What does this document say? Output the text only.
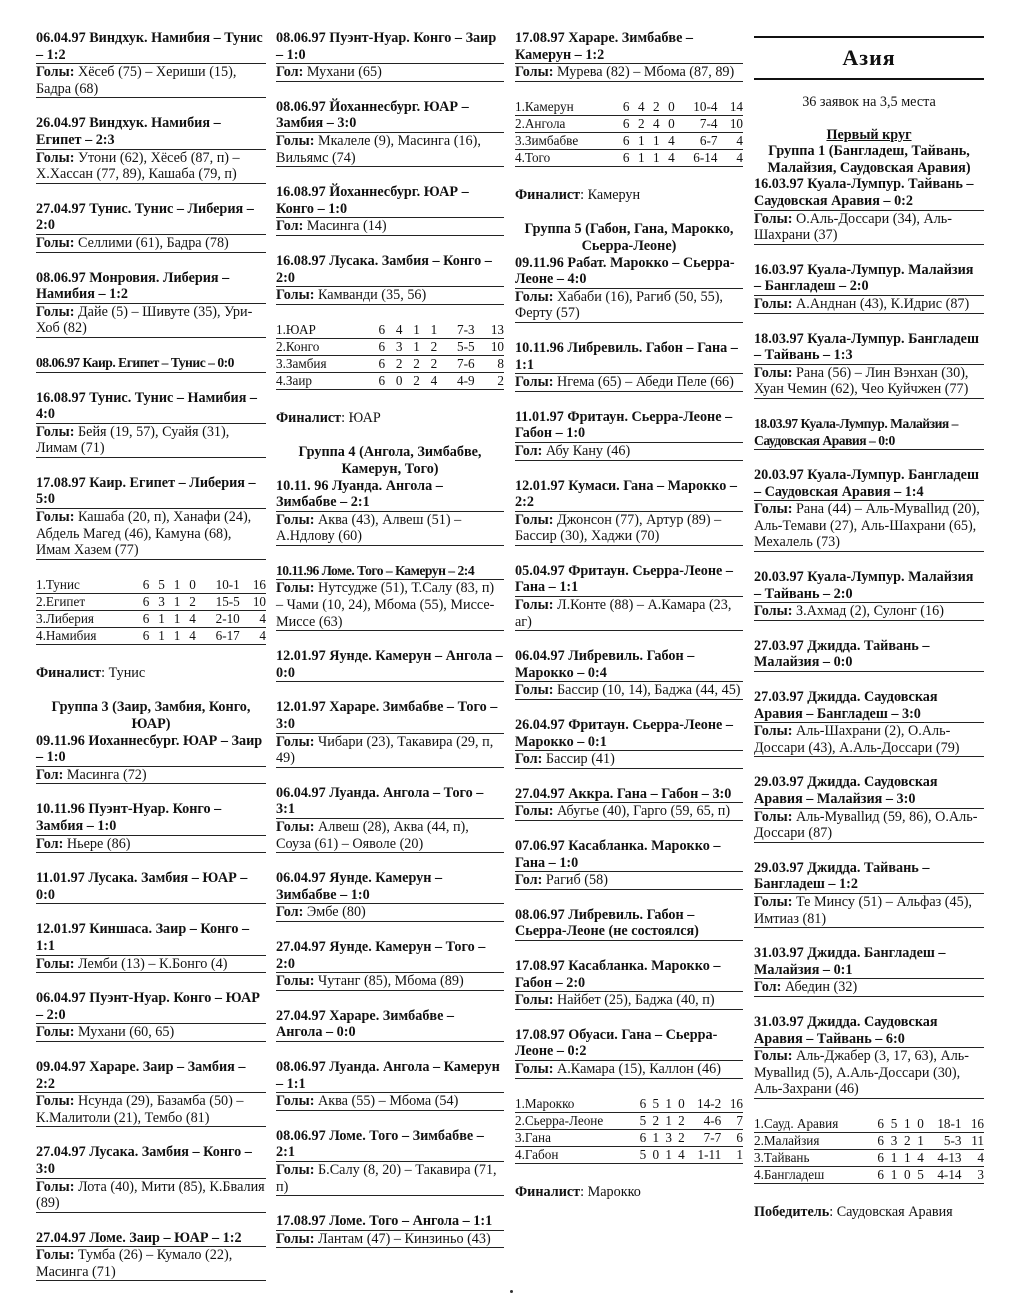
06.04.97 Виндхук. Намибия – Тунис – 1:2
Голы: Хёсеб (75) – Хериши (15), Бадра (68)
26.04.97 Виндхук. Намибия – Египет – 2:3
Голы: Утони (62), Хёсеб (87, п) – Х.Хассан (77, 89), Кашаба (79, п)
27.04.97 Тунис. Тунис – Либерия – 2:0
Голы: Селлими (61), Бадра (78)
08.06.97 Монровия. Либерия – Намибия – 1:2
Голы: Дайе (5) – Шивуте (35), Ури-Хоб (82)
08.06.97 Каир. Египет – Тунис – 0:0
16.08.97 Тунис. Тунис – Намибия – 4:0
Голы: Бейя (19, 57), Суайя (31), Лимам (71)
17.08.97 Каир. Египет – Либерия – 5:0
Голы: Кашаба (20, п), Ханафи (24), Абдель Магед (46), Камуна (68), Имам Хазем (77)
1.Тунис	6	5	1	0	10-1	16
2.Египет	6	3	1	2	15-5	10
3.Либерия	6	1	1	4	2-10	4
4.Намибия	6	1	1	4	6-17	4
Финалист: Тунис
Группа 3 (Заир, Замбия, Конго, ЮАР)
09.11.96 Иоханнесбург. ЮАР – Заир – 1:0
Гол: Масинга (72)
10.11.96 Пуэнт-Нуар. Конго – Замбия – 1:0
Гол: Ньере (86)
11.01.97 Лусака. Замбия – ЮАР – 0:0
12.01.97 Киншаса. Заир – Конго – 1:1
Голы: Лемби (13) – К.Бонго (4)
06.04.97 Пуэнт-Нуар. Конго – ЮАР – 2:0
Голы: Мухани (60, 65)
09.04.97 Хараре. Заир – Замбия – 2:2
Голы: Нсунда (29), Базамба (50) – К.Малитоли (21), Тембо (81)
27.04.97 Лусака. Замбия – Конго – 3:0
Голы: Лота (40), Мити (85), К.Бвалия (89)
27.04.97 Ломе. Заир – ЮАР – 1:2
Голы: Тумба (26) – Кумало (22), Масинга (71)
08.06.97 Пуэнт-Нуар. Конго – Заир – 1:0
Гол: Мухани (65)
08.06.97 Йоханнесбург. ЮАР – Замбия – 3:0
Голы: Мкалеле (9), Масинга (16), Вильямс (74)
16.08.97 Йоханнесбург. ЮАР – Конго – 1:0
Гол: Масинга (14)
16.08.97 Лусака. Замбия – Конго – 2:0
Голы: Камванди (35, 56)
1.ЮАР	6	4	1	1	7-3	13
2.Конго	6	3	1	2	5-5	10
3.Замбия	6	2	2	2	7-6	8
4.Заир	6	0	2	4	4-9	2
Финалист: ЮАР
Группа 4 (Ангола, Зимбабве, Камерун, Того)
10.11. 96 Луанда. Ангола – Зимбабве – 2:1
Голы: Аква (43), Алвеш (51) – А.Ндлову (60)
10.11.96 Ломе. Того – Камерун – 2:4
Голы: Нутсудже (51), Т.Салу (83, п) – Чами (10, 24), Мбома (55), Миссе-Миссе (63)
12.01.97 Яунде. Камерун – Ангола – 0:0
12.01.97 Хараре. Зимбабве – Того – 3:0
Голы: Чибари (23), Такавира (29, п, 49)
06.04.97 Луанда. Ангола – Того – 3:1
Голы: Алвеш (28), Аква (44, п), Соуза (61) – Ояволе (20)
06.04.97 Яунде. Камерун – Зимбабве – 1:0
Гол: Эмбе (80)
27.04.97 Яунде. Камерун – Того – 2:0
Голы: Чутанг (85), Мбома (89)
27.04.97 Хараре. Зимбабве – Ангола – 0:0
08.06.97 Луанда. Ангола – Камерун – 1:1
Голы: Аква (55) – Мбома (54)
08.06.97 Ломе. Того – Зимбабве – 2:1
Голы: Б.Салу (8, 20) – Такавира (71, п)
17.08.97 Ломе. Того – Ангола – 1:1
Голы: Лантам (47) – Кинзиньо (43)
17.08.97 Хараре. Зимбабве – Камерун – 1:2
Голы: Мурева (82) – Мбома (87, 89)
1.Камерун	6	4	2	0	10-4	14
2.Ангола	6	2	4	0	7-4	10
3.Зимбабве	6	1	1	4	6-7	4
4.Того	6	1	1	4	6-14	4
Финалист: Камерун
Группа 5 (Габон, Гана, Марокко, Сьерра-Леоне)
09.11.96 Рабат. Марокко – Сьерра-Леоне – 4:0
Голы: Хабаби (16), Рагиб (50, 55), Ферту (57)
10.11.96 Либревиль. Габон – Гана – 1:1
Голы: Нгема (65) – Абеди Пеле (66)
11.01.97 Фритаун. Сьерра-Леоне – Габон – 1:0
Гол: Абу Кану (46)
12.01.97 Кумаси. Гана – Марокко – 2:2
Голы: Джонсон (77), Артур (89) – Бассир (30), Хаджи (70)
05.04.97 Фритаун. Сьерра-Леоне – Гана – 1:1
Голы: Л.Конте (88) – А.Камара (23, аг)
06.04.97 Либревиль. Габон – Марокко – 0:4
Голы: Бассир (10, 14), Баджа (44, 45)
26.04.97 Фритаун. Сьерра-Леоне – Марокко – 0:1
Гол: Бассир (41)
27.04.97 Аккра. Гана – Габон – 3:0
Голы: Абугье (40), Гарго (59, 65, п)
07.06.97 Касабланка. Марокко – Гана – 1:0
Гол: Рагиб (58)
08.06.97 Либревиль. Габон – Сьерра-Леоне (не состоялся)
17.08.97 Касабланка. Марокко – Габон – 2:0
Голы: Найбет (25), Баджа (40, п)
17.08.97 Обуаси. Гана – Сьерра-Леоне – 0:2
Голы: А.Камара (15), Каллон (46)
1.Марокко	6	5	1	0	14-2	16
2.Сьерра-Леоне	5	2	1	2	4-6	7
3.Гана	6	1	3	2	7-7	6
4.Габон	5	0	1	4	1-11	1
Финалист: Марокко
Азия
36 заявок на 3,5 места
Первый круг
Группа 1 (Бангладеш, Тайвань, Малайзия, Саудовская Аравия)
16.03.97 Куала-Лумпур. Тайвань – Саудовская Аравия – 0:2
Голы: О.Аль-Доссари (34), Аль-Шахрани (37)
16.03.97 Куала-Лумпур. Малайзия – Бангладеш – 2:0
Голы: А.Анднан (43), К.Идрис (87)
18.03.97 Куала-Лумпур. Бангладеш – Тайвань – 1:3
Голы: Рана (56) – Лин Вэнхан (30), Хуан Чемин (62), Чео Куйчжен (77)
18.03.97 Куала-Лумпур. Малайзия – Саудовская Аравия – 0:0
20.03.97 Куала-Лумпур. Бангладеш – Саудовская Аравия – 1:4
Голы: Рана (44) – Аль-Мувallид (20), Аль-Темави (27), Аль-Шахрани (65), Мехалель (73)
20.03.97 Куала-Лумпур. Малайзия – Тайвань – 2:0
Голы: З.Ахмад (2), Сулонг (16)
27.03.97 Джидда. Тайвань – Малайзия – 0:0
27.03.97 Джидда. Саудовская Аравия – Бангладеш – 3:0
Голы: Аль-Шахрани (2), О.Аль-Доссари (43), А.Аль-Доссари (79)
29.03.97 Джидда. Саудовская Аравия – Малайзия – 3:0
Голы: Аль-Мувallид (59, 86), О.Аль-Доссари (87)
29.03.97 Джидда. Тайвань – Бангладеш – 1:2
Голы: Те Минсу (51) – Альфаз (45), Имтиаз (81)
31.03.97 Джидда. Бангладеш – Малайзия – 0:1
Гол: Абедин (32)
31.03.97 Джидда. Саудовская Аравия – Тайвань – 6:0
Голы: Аль-Джабер (3, 17, 63), Аль-Мувallид (5), А.Аль-Доссари (30), Аль-Захрани (46)
1.Сауд. Аравия	6	5	1	0	18-1	16
2.Малайзия	6	3	2	1	5-3	11
3.Тайвань	6	1	1	4	4-13	4
4.Бангладеш	6	1	0	5	4-14	3
Победитель: Саудовская Аравия
